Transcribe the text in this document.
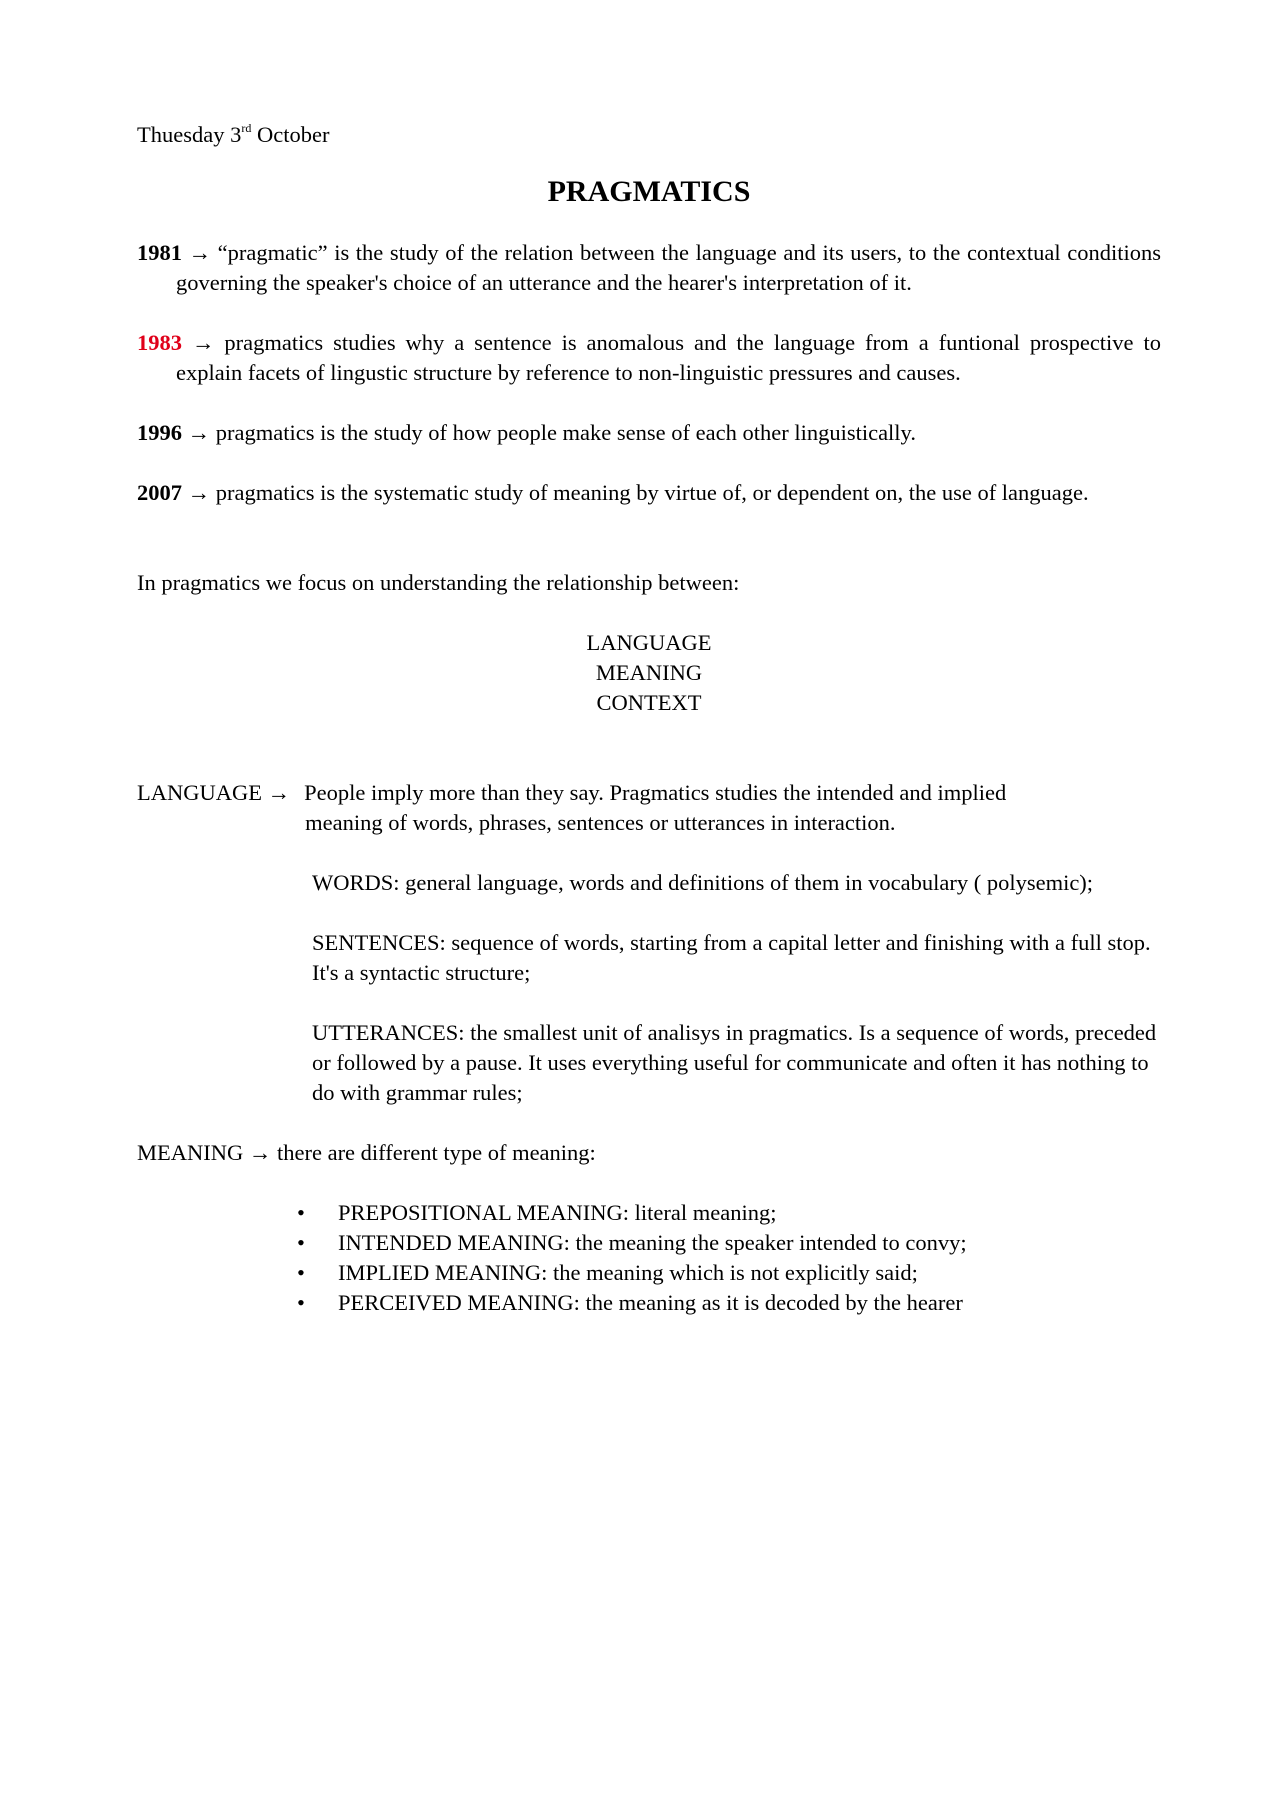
Thuesday 3rd October

PRAGMATICS

1981 → “pragmatic” is the study of the relation between the language and its users, to the contextual conditions governing the speaker's choice of an utterance and the hearer's interpretation of it.

1983 → pragmatics studies why a sentence is anomalous and the language from a funtional prospective to explain facets of lingustic structure by reference to non-linguistic pressures and causes.

1996 → pragmatics is the study of how people make sense of each other linguistically.

2007 → pragmatics is the systematic study of meaning by virtue of, or dependent on, the use of language.

In pragmatics we focus on understanding the relationship between:

LANGUAGE
MEANING
CONTEXT
LANGUAGE → People imply more than they say. Pragmatics studies the intended and implied
meaning of words, phrases, sentences or utterances in interaction.

WORDS: general language, words and definitions of them in vocabulary ( polysemic);

SENTENCES: sequence of words, starting from a capital letter and finishing with a full stop. It's a syntactic structure;

UTTERANCES: the smallest unit of analisys in pragmatics. Is a sequence of words, preceded or followed by a pause. It uses everything useful for communicate and often it has nothing to do with grammar rules;

MEANING → there are different type of meaning:

• PREPOSITIONAL MEANING: literal meaning;
• INTENDED MEANING: the meaning the speaker intended to convy;
• IMPLIED MEANING: the meaning which is not explicitly said;
• PERCEIVED MEANING: the meaning as it is decoded by the hearer
